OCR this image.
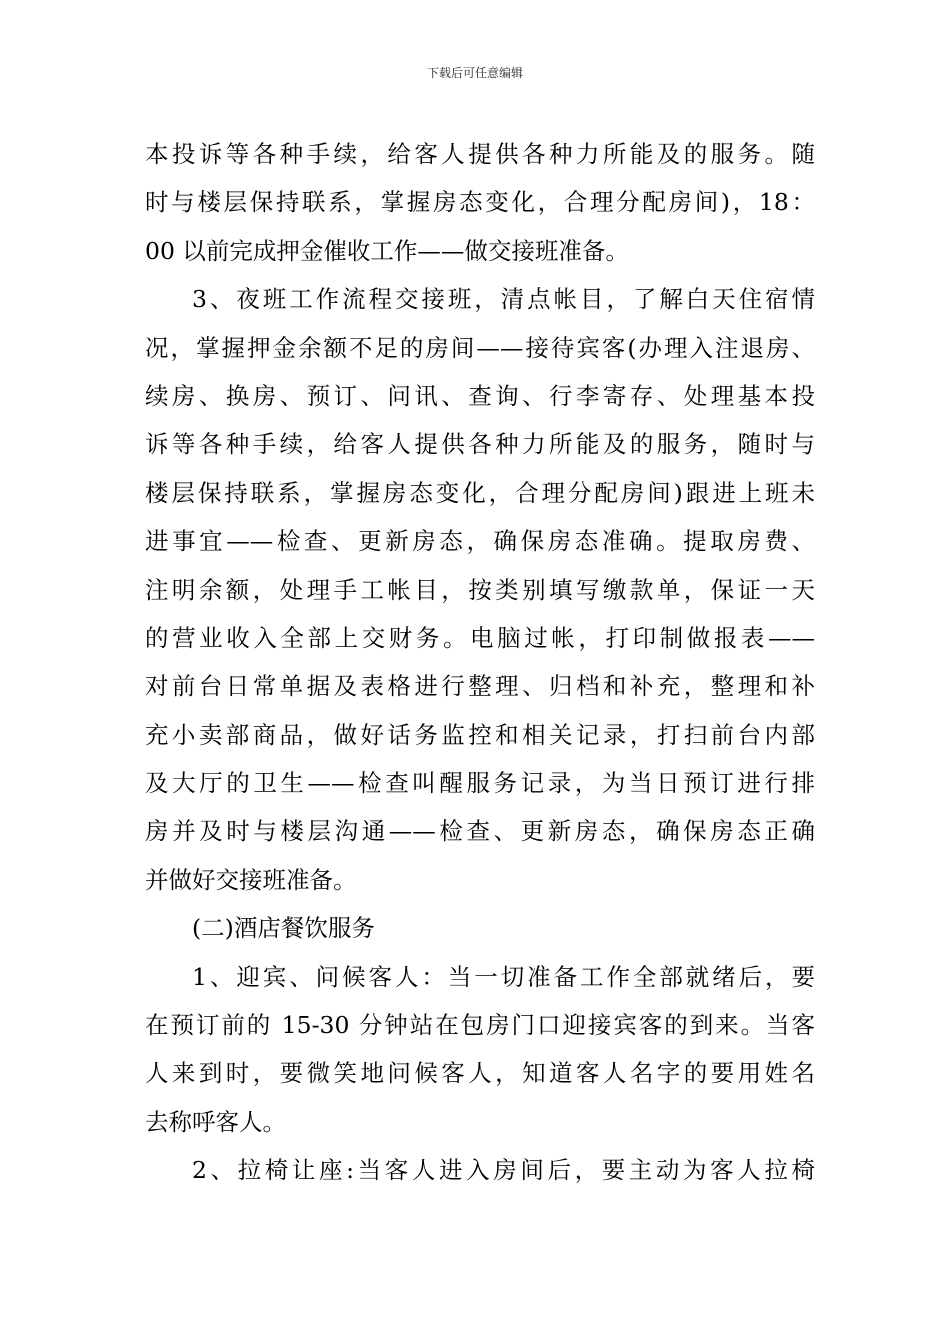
下载后可任意编辑
本投诉等各种手续，给客人提供各种力所能及的服务。随
时与楼层保持联系，掌握房态变化，合理分配房间)，18：
00 以前完成押金催收工作——做交接班准备。
3、夜班工作流程交接班，清点帐目，了解白天住宿情
况，掌握押金余额不足的房间——接待宾客(办理入注退房、
续房、换房、预订、问讯、查询、行李寄存、处理基本投
诉等各种手续，给客人提供各种力所能及的服务，随时与
楼层保持联系，掌握房态变化，合理分配房间)跟进上班未
进事宜——检查、更新房态，确保房态准确。提取房费、
注明余额，处理手工帐目，按类别填写缴款单，保证一天
的营业收入全部上交财务。电脑过帐，打印制做报表——
对前台日常单据及表格进行整理、归档和补充，整理和补
充小卖部商品，做好话务监控和相关记录，打扫前台内部
及大厅的卫生——检查叫醒服务记录，为当日预订进行排
房并及时与楼层沟通——检查、更新房态，确保房态正确
并做好交接班准备。
(二)酒店餐饮服务
1、迎宾、问候客人：当一切准备工作全部就绪后，要
在预订前的 15-30 分钟站在包房门口迎接宾客的到来。当客
人来到时，要微笑地问候客人，知道客人名字的要用姓名
去称呼客人。
2、拉椅让座:当客人进入房间后，要主动为客人拉椅
